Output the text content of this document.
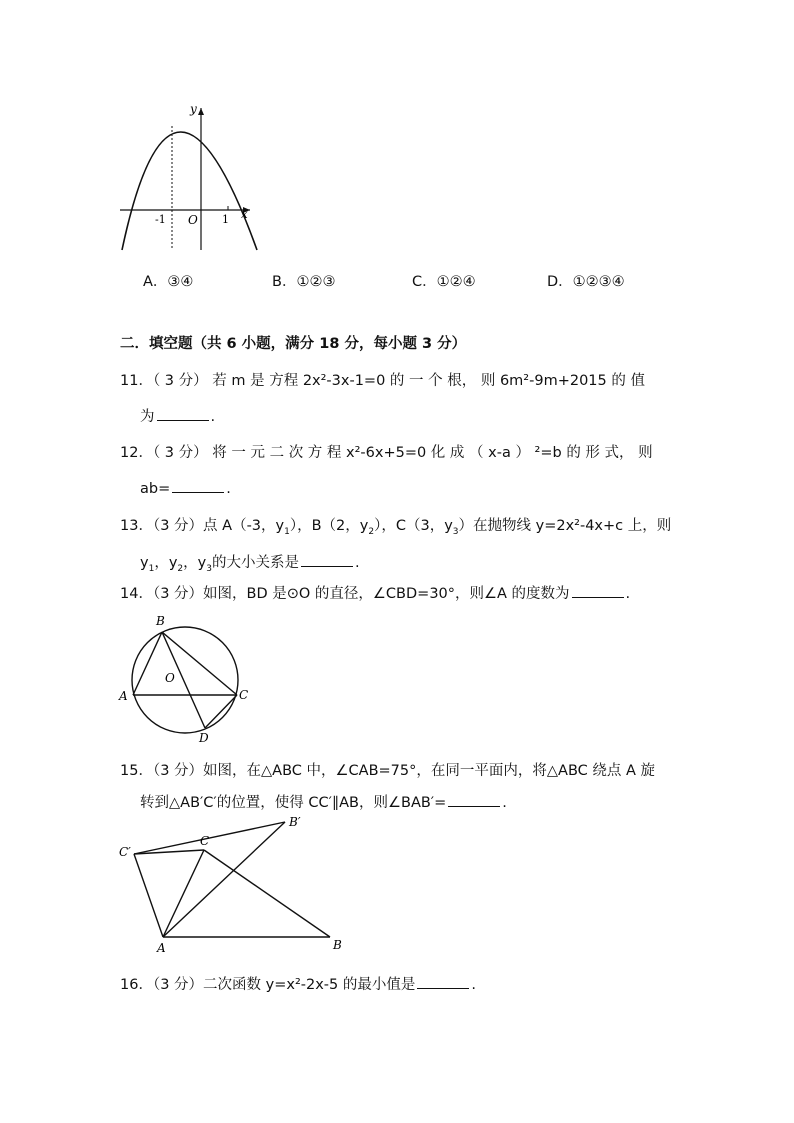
y
x
-1 O 1
A．③④	B．①②③	C．①②④	D．①②③④
二．填空题（共 6 小题，满分 18 分，每小题 3 分）
11．（ 3 分） 若 m 是 方程 2x²-3x-1=0 的 一 个 根， 则 6m²-9m+2015 的 值
为	.
12．（ 3 分） 将 一 元 二 次 方 程 x²-6x+5=0 化 成 （ x-a ） ²=b 的 形 式， 则
ab=	.
13．（3 分）点 A（-3，$y_1$），B（2，$y_2$），C（3，$y_3$）在抛物线 y=2x²-4x+c 上，则
$y_1$，$y_2$，$y_3$的大小关系是	.
14．（3 分）如图，BD 是⊙O 的直径，∠CBD=30°，则∠A 的度数为	.
B
A
O
C
D
15．（3 分）如图，在△ABC 中，∠CAB=75°，在同一平面内，将△ABC 绕点 A 旋
转到△AB′C′的位置，使得 CC′∥AB，则∠BAB′=	.
C′
C
B′
A	B
16．（3 分）二次函数 y=x²-2x-5 的最小值是	.
